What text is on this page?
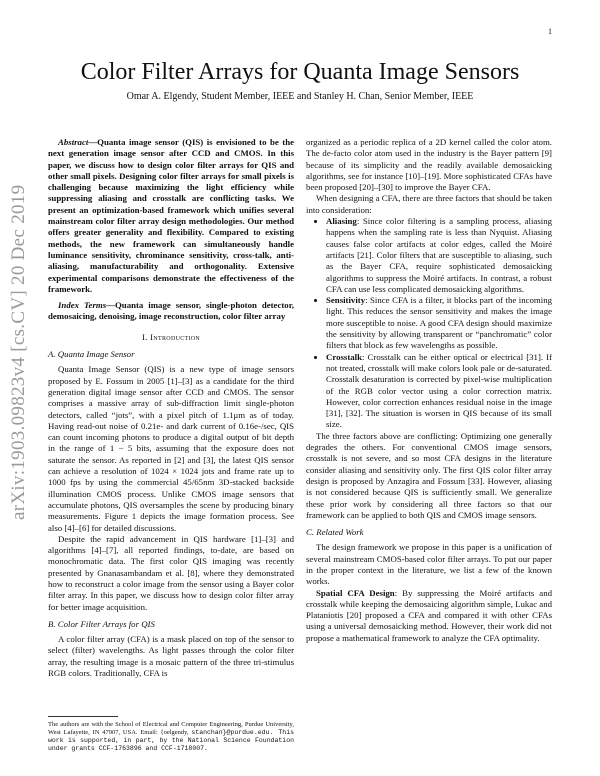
1
arXiv:1903.09823v4 [cs.CV] 20 Dec 2019
Color Filter Arrays for Quanta Image Sensors
Omar A. Elgendy, Student Member, IEEE and Stanley H. Chan, Senior Member, IEEE

Abstract—Quanta image sensor (QIS) is envisioned to be the next generation image sensor after CCD and CMOS. In this paper, we discuss how to design color filter arrays for QIS and other small pixels. Designing color filter arrays for small pixels is challenging because maximizing the light efficiency while suppressing aliasing and crosstalk are conflicting tasks. We present an optimization-based framework which unifies several mainstream color filter array design methodologies. Our method offers greater generality and flexibility. Compared to existing methods, the new framework can simultaneously handle luminance sensitivity, chrominance sensitivity, cross-talk, anti-aliasing, manufacturability and orthogonality. Extensive experimental comparisons demonstrate the effectiveness of the framework.

Index Terms—Quanta image sensor, single-photon detector, demosaicing, denoising, image reconstruction, color filter array

I. Introduction
A. Quanta Image Sensor

Quanta Image Sensor (QIS) is a new type of image sensors proposed by E. Fossum in 2005 [1]–[3] as a candidate for the third generation digital image sensor after CCD and CMOS. The sensor comprises a massive array of sub-diffraction limit single-photon detectors, called “jots”, with a pixel pitch of 1.1μm as of today. Having read-out noise of 0.21e- and dark current of 0.16e-/sec, QIS can count incoming photons to produce a digital output of bit depth in the range of 1 − 5 bits, assuming that the exposure does not saturate the sensor. As reported in [2] and [3], the latest QIS sensor can achieve a resolution of 1024 × 1024 jots and frame rate up to 1000 fps by using the commercial 45/65nm 3D-stacked backside illumination CMOS process. Unlike CMOS image sensors that accumulate photons, QIS oversamples the scene by producing binary measurements. Figure 1 depicts the image formation process. See also [4]–[6] for detailed discussions.

Despite the rapid advancement in QIS hardware [1]–[3] and algorithms [4]–[7], all reported findings, to-date, are based on monochromatic data. The first color QIS imaging was recently presented by Gnanasambandam et al. [8], where they demonstrated how to reconstruct a color image from the sensor using a Bayer color filter array. In this paper, we discuss how to design color filter array for better image acquisition.

B. Color Filter Arrays for QIS

A color filter array (CFA) is a mask placed on top of the sensor to select (filter) wavelengths. As light passes through the color filter array, the resulting image is a mosaic pattern of the three tri-stimulus RGB colors. Traditionally, CFA is

The authors are with the School of Electrical and Computer Engineering, Purdue University, West Lafayette, IN 47907, USA. Email: {oelgendy, stanchan}@purdue.edu. This work is supported, in part, by the National Science Foundation under grants CCF-1763896 and CCF-1718007.

organized as a periodic replica of a 2D kernel called the color atom. The de-facto color atom used in the industry is the Bayer pattern [9] because of its simplicity and the readily available demosaicking algorithms, see for instance [10]–[19]. More sophisticated CFAs have been proposed [20]–[30] to improve the Bayer CFA.

When designing a CFA, there are three factors that should be taken into consideration:

• Aliasing: Since color filtering is a sampling process, aliasing happens when the sampling rate is less than Nyquist. Aliasing causes false color artifacts at color edges, called the Moiré artifacts [21]. Color filters that are susceptible to aliasing, such as the Bayer CFA, require sophisticated demosaicking algorithms to suppress the Moiré artifacts. In contrast, a robust CFA can use less complicated demosaicking algorithms.
• Sensitivity: Since CFA is a filter, it blocks part of the incoming light. This reduces the sensor sensitivity and makes the image more susceptible to noise. A good CFA design should maximize the sensitivity by allowing transparent or “panchromatic” color filters that block as few wavelengths as possible.
• Crosstalk: Crosstalk can be either optical or electrical [31]. If not treated, crosstalk will make colors look pale or de-saturated. Crosstalk desaturation is corrected by pixel-wise multiplication of the RGB color vector using a color correction matrix. However, color correction enhances residual noise in the image [31], [32]. The situation is worsen in QIS because of its small size.

The three factors above are conflicting: Optimizing one generally degrades the others. For conventional CMOS image sensors, crosstalk is not severe, and so most CFA designs in the literature consider aliasing and sensitivity only. The first QIS color filter array design is proposed by Anzagira and Fossum [33]. However, aliasing is not considered because QIS is sufficiently small. We generalize these prior work by considering all three factors so that our framework can be applied to both QIS and CMOS image sensors.

C. Related Work

The design framework we propose in this paper is a unification of several mainstream CMOS-based color filter arrays. To put our paper in the proper context in the literature, we list a few of the known works.

Spatial CFA Design: By suppressing the Moiré artifacts and crosstalk while keeping the demosaicing algorithm simple, Lukac and Plataniotis [20] proposed a CFA and compared it with other CFAs using a universal demosaicking method. However, their work did not propose a mathematical framework to analyze the CFA optimality.
